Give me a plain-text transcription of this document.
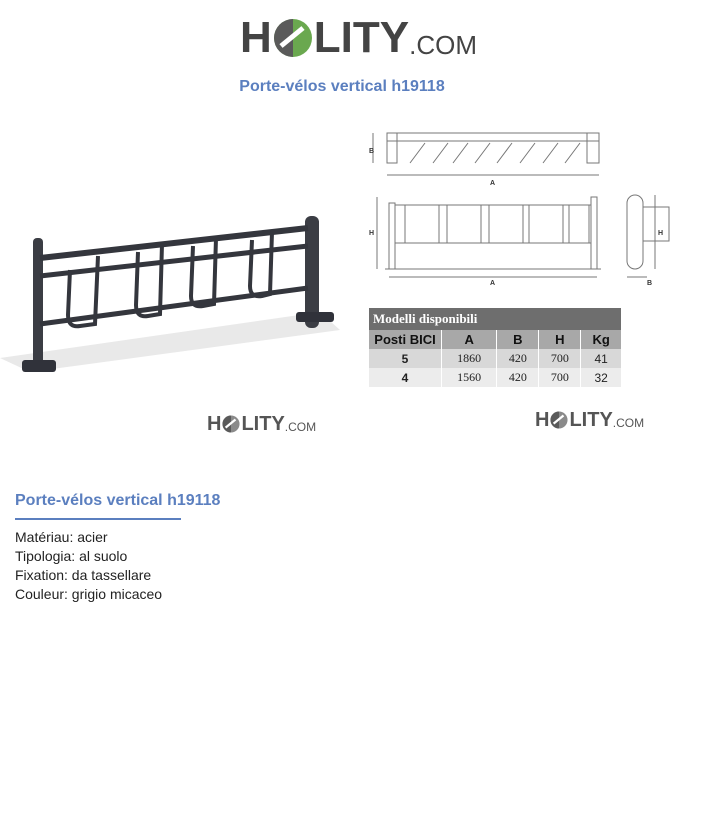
H LITY .COM
Porte-vélos vertical h19118
B
A
H
A
H
B
Modelli disponibili				
Posti BICI	A	B	H	Kg
5	1860	420	700	41
4	1560	420	700	32
H LITY .COM	H LITY .COM
Porte-vélos vertical h19118
Matériau: acier
Tipologia: al suolo
Fixation: da tassellare
Couleur: grigio micaceo
